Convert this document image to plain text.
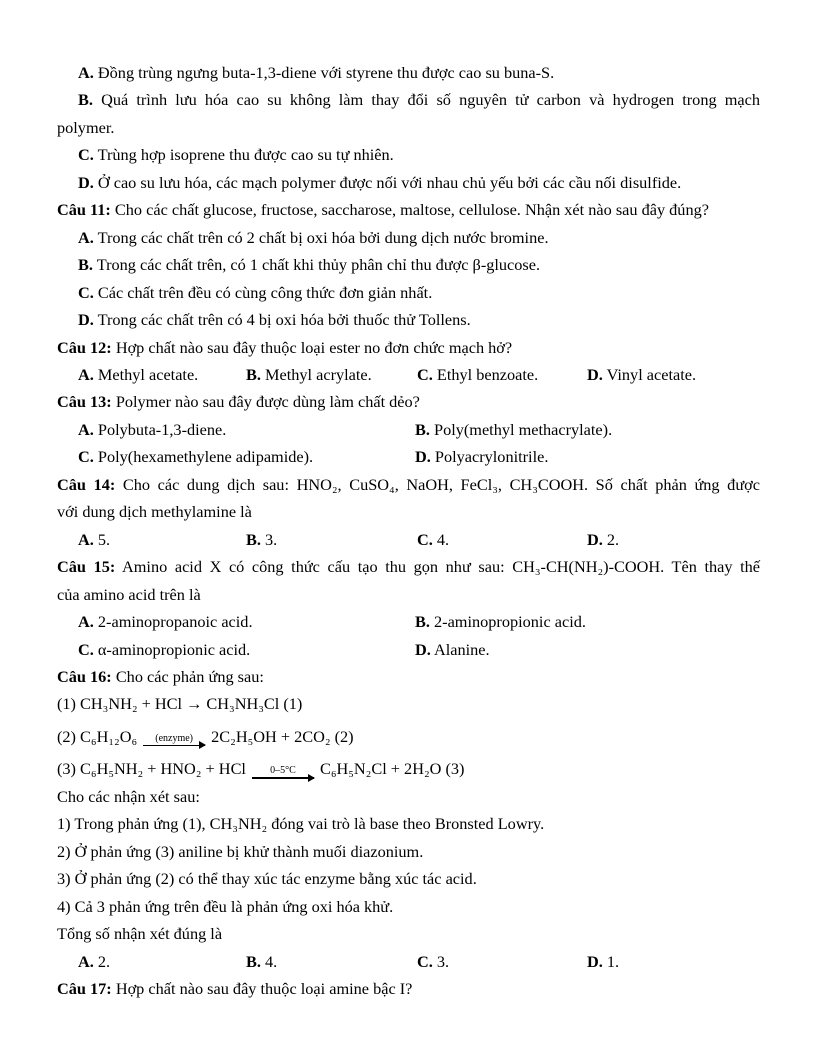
A. Đồng trùng ngưng buta-1,3-diene với styrene thu được cao su buna-S.
B. Quá trình lưu hóa cao su không làm thay đổi số nguyên tử carbon và hydrogen trong mạch
polymer.
C. Trùng hợp isoprene thu được cao su tự nhiên.
D. Ở cao su lưu hóa, các mạch polymer được nối với nhau chủ yếu bởi các cầu nối disulfide.
Câu 11: Cho các chất glucose, fructose, saccharose, maltose, cellulose. Nhận xét nào sau đây đúng?
A. Trong các chất trên có 2 chất bị oxi hóa bởi dung dịch nước bromine.
B. Trong các chất trên, có 1 chất khi thủy phân chỉ thu được β-glucose.
C. Các chất trên đều có cùng công thức đơn giản nhất.
D. Trong các chất trên có 4 bị oxi hóa bởi thuốc thử Tollens.
Câu 12: Hợp chất nào sau đây thuộc loại ester no đơn chức mạch hở?
A. Methyl acetate.	B. Methyl acrylate.	C. Ethyl benzoate.	D. Vinyl acetate.
Câu 13: Polymer nào sau đây được dùng làm chất dẻo?
A. Polybuta-1,3-diene.	B. Poly(methyl methacrylate).
C. Poly(hexamethylene adipamide).	D. Polyacrylonitrile.
Câu 14: Cho các dung dịch sau: HNO₂, CuSO₄, NaOH, FeCl₃, CH₃COOH. Số chất phản ứng được
với dung dịch methylamine là
A. 5.	B. 3.	C. 4.	D. 2.
Câu 15: Amino acid X có công thức cấu tạo thu gọn như sau: CH₃-CH(NH₂)-COOH. Tên thay thế
của amino acid trên là
A. 2-aminopropanoic acid.	B. 2-aminopropionic acid.
C. α-aminopropionic acid.	D. Alanine.
Câu 16: Cho các phản ứng sau:
(1) CH₃NH₂ + HCl → CH₃NH₃Cl (1)
(2) C₆H₁₂O₆	(enzyme)	2C₂H₅OH + 2CO₂ (2)
(3) C₆H₅NH₂ + HNO₂ + HCl	0–5°C	C₆H₅N₂Cl + 2H₂O (3)
Cho các nhận xét sau:
1) Trong phản ứng (1), CH₃NH₂ đóng vai trò là base theo Bronsted Lowry.
2) Ở phản ứng (3) aniline bị khử thành muối diazonium.
3) Ở phản ứng (2) có thể thay xúc tác enzyme bằng xúc tác acid.
4) Cả 3 phản ứng trên đều là phản ứng oxi hóa khử.
Tổng số nhận xét đúng là
A. 2.	B. 4.	C. 3.	D. 1.
Câu 17: Hợp chất nào sau đây thuộc loại amine bậc I?
